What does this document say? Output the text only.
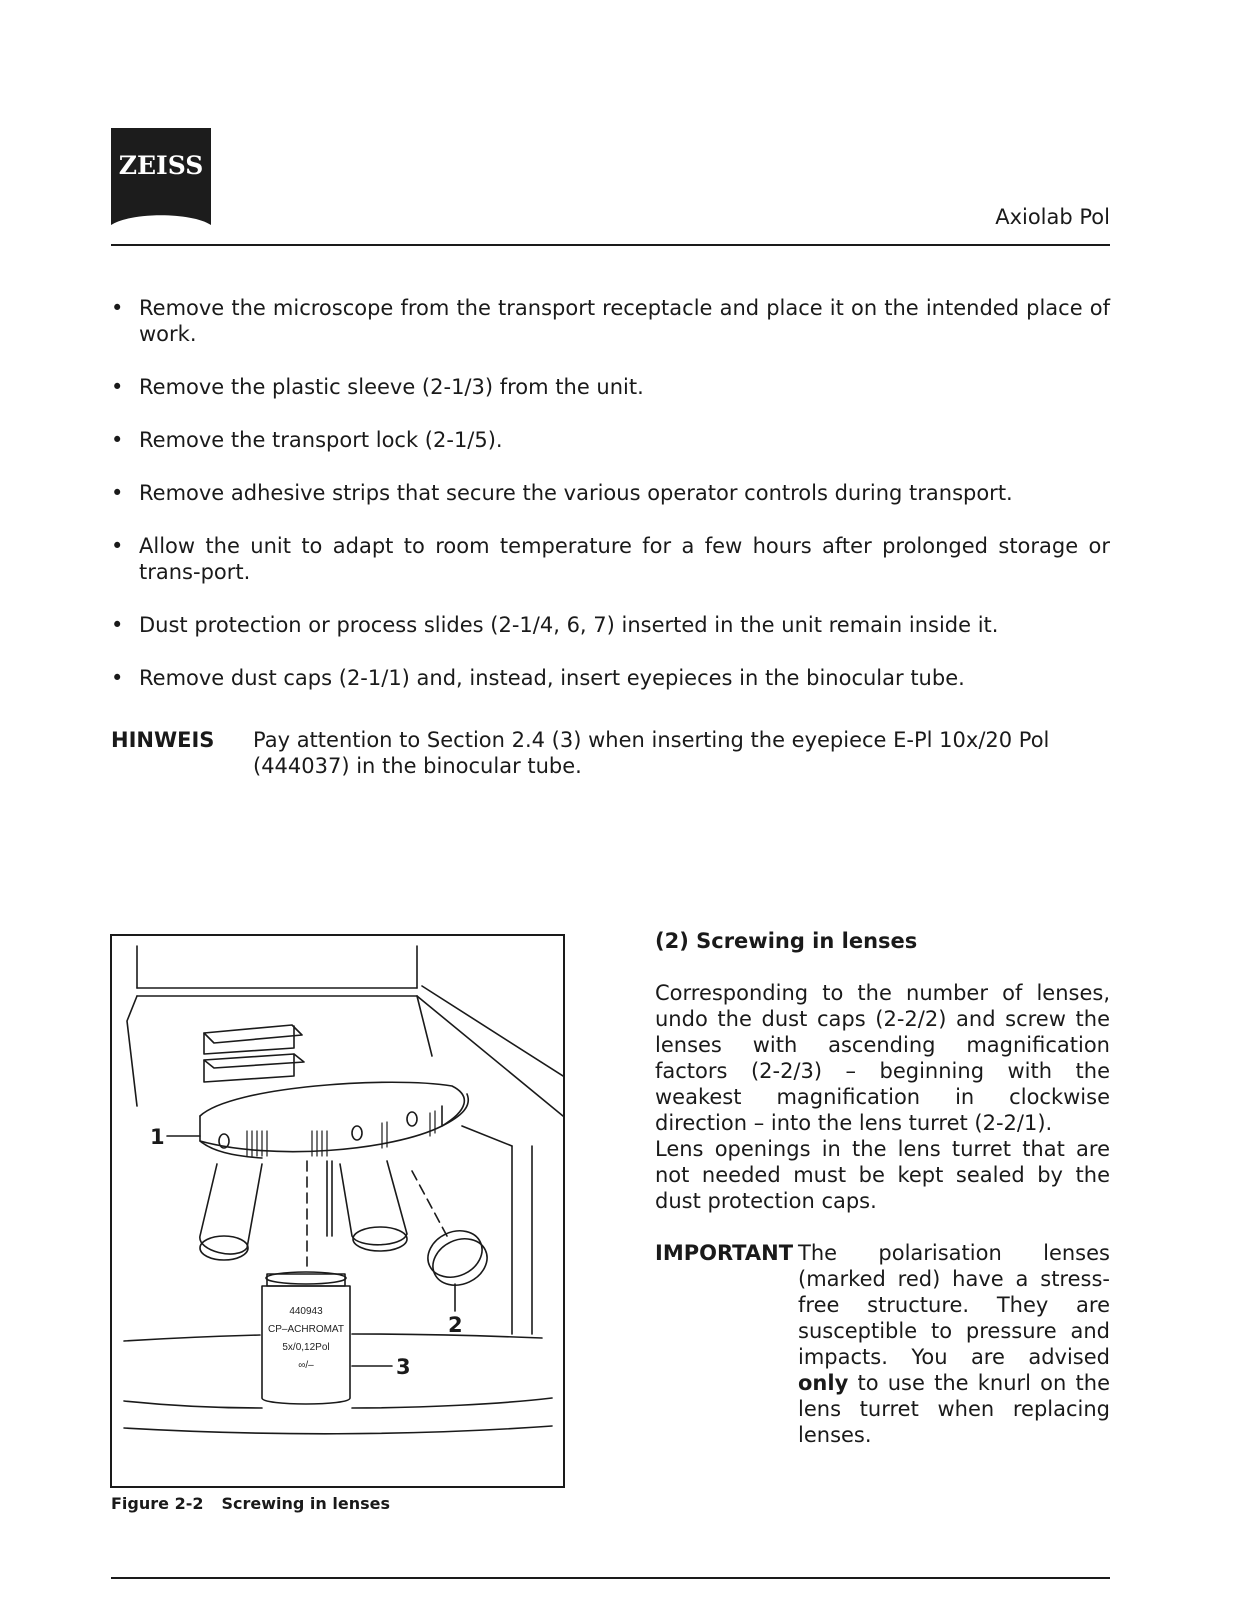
ZEISS
Axiolab Pol
• Remove the microscope from the transport receptacle and place it on the intended place of work.
• Remove the plastic sleeve (2-1/3) from the unit.
• Remove the transport lock (2-1/5).
• Remove adhesive strips that secure the various operator controls during transport.
• Allow the unit to adapt to room temperature for a few hours after prolonged storage or trans-port.
• Dust protection or process slides (2-1/4, 6, 7) inserted in the unit remain inside it.
• Remove dust caps (2-1/1) and, instead, insert eyepieces in the binocular tube.
HINWEIS Pay attention to Section 2.4 (3) when inserting the eyepiece E-Pl 10x/20 Pol (444037) in the binocular tube.
440943
CP–ACHROMAT
5x/0,12Pol
∞/–
1
2
3
Figure 2-2 Screwing in lenses
(2) Screwing in lenses

Corresponding to the number of lenses, undo the dust caps (2-2/2) and screw the lenses with ascending magnification factors (2-2/3) – beginning with the weakest magnification in clockwise direction – into the lens turret (2-2/1).

Lens openings in the lens turret that are not needed must be kept sealed by the dust protection caps.

IMPORTANT The polarisation lenses (marked red) have a stress-free structure. They are susceptible to pressure and impacts. You are advised only to use the knurl on the lens turret when replacing lenses.
